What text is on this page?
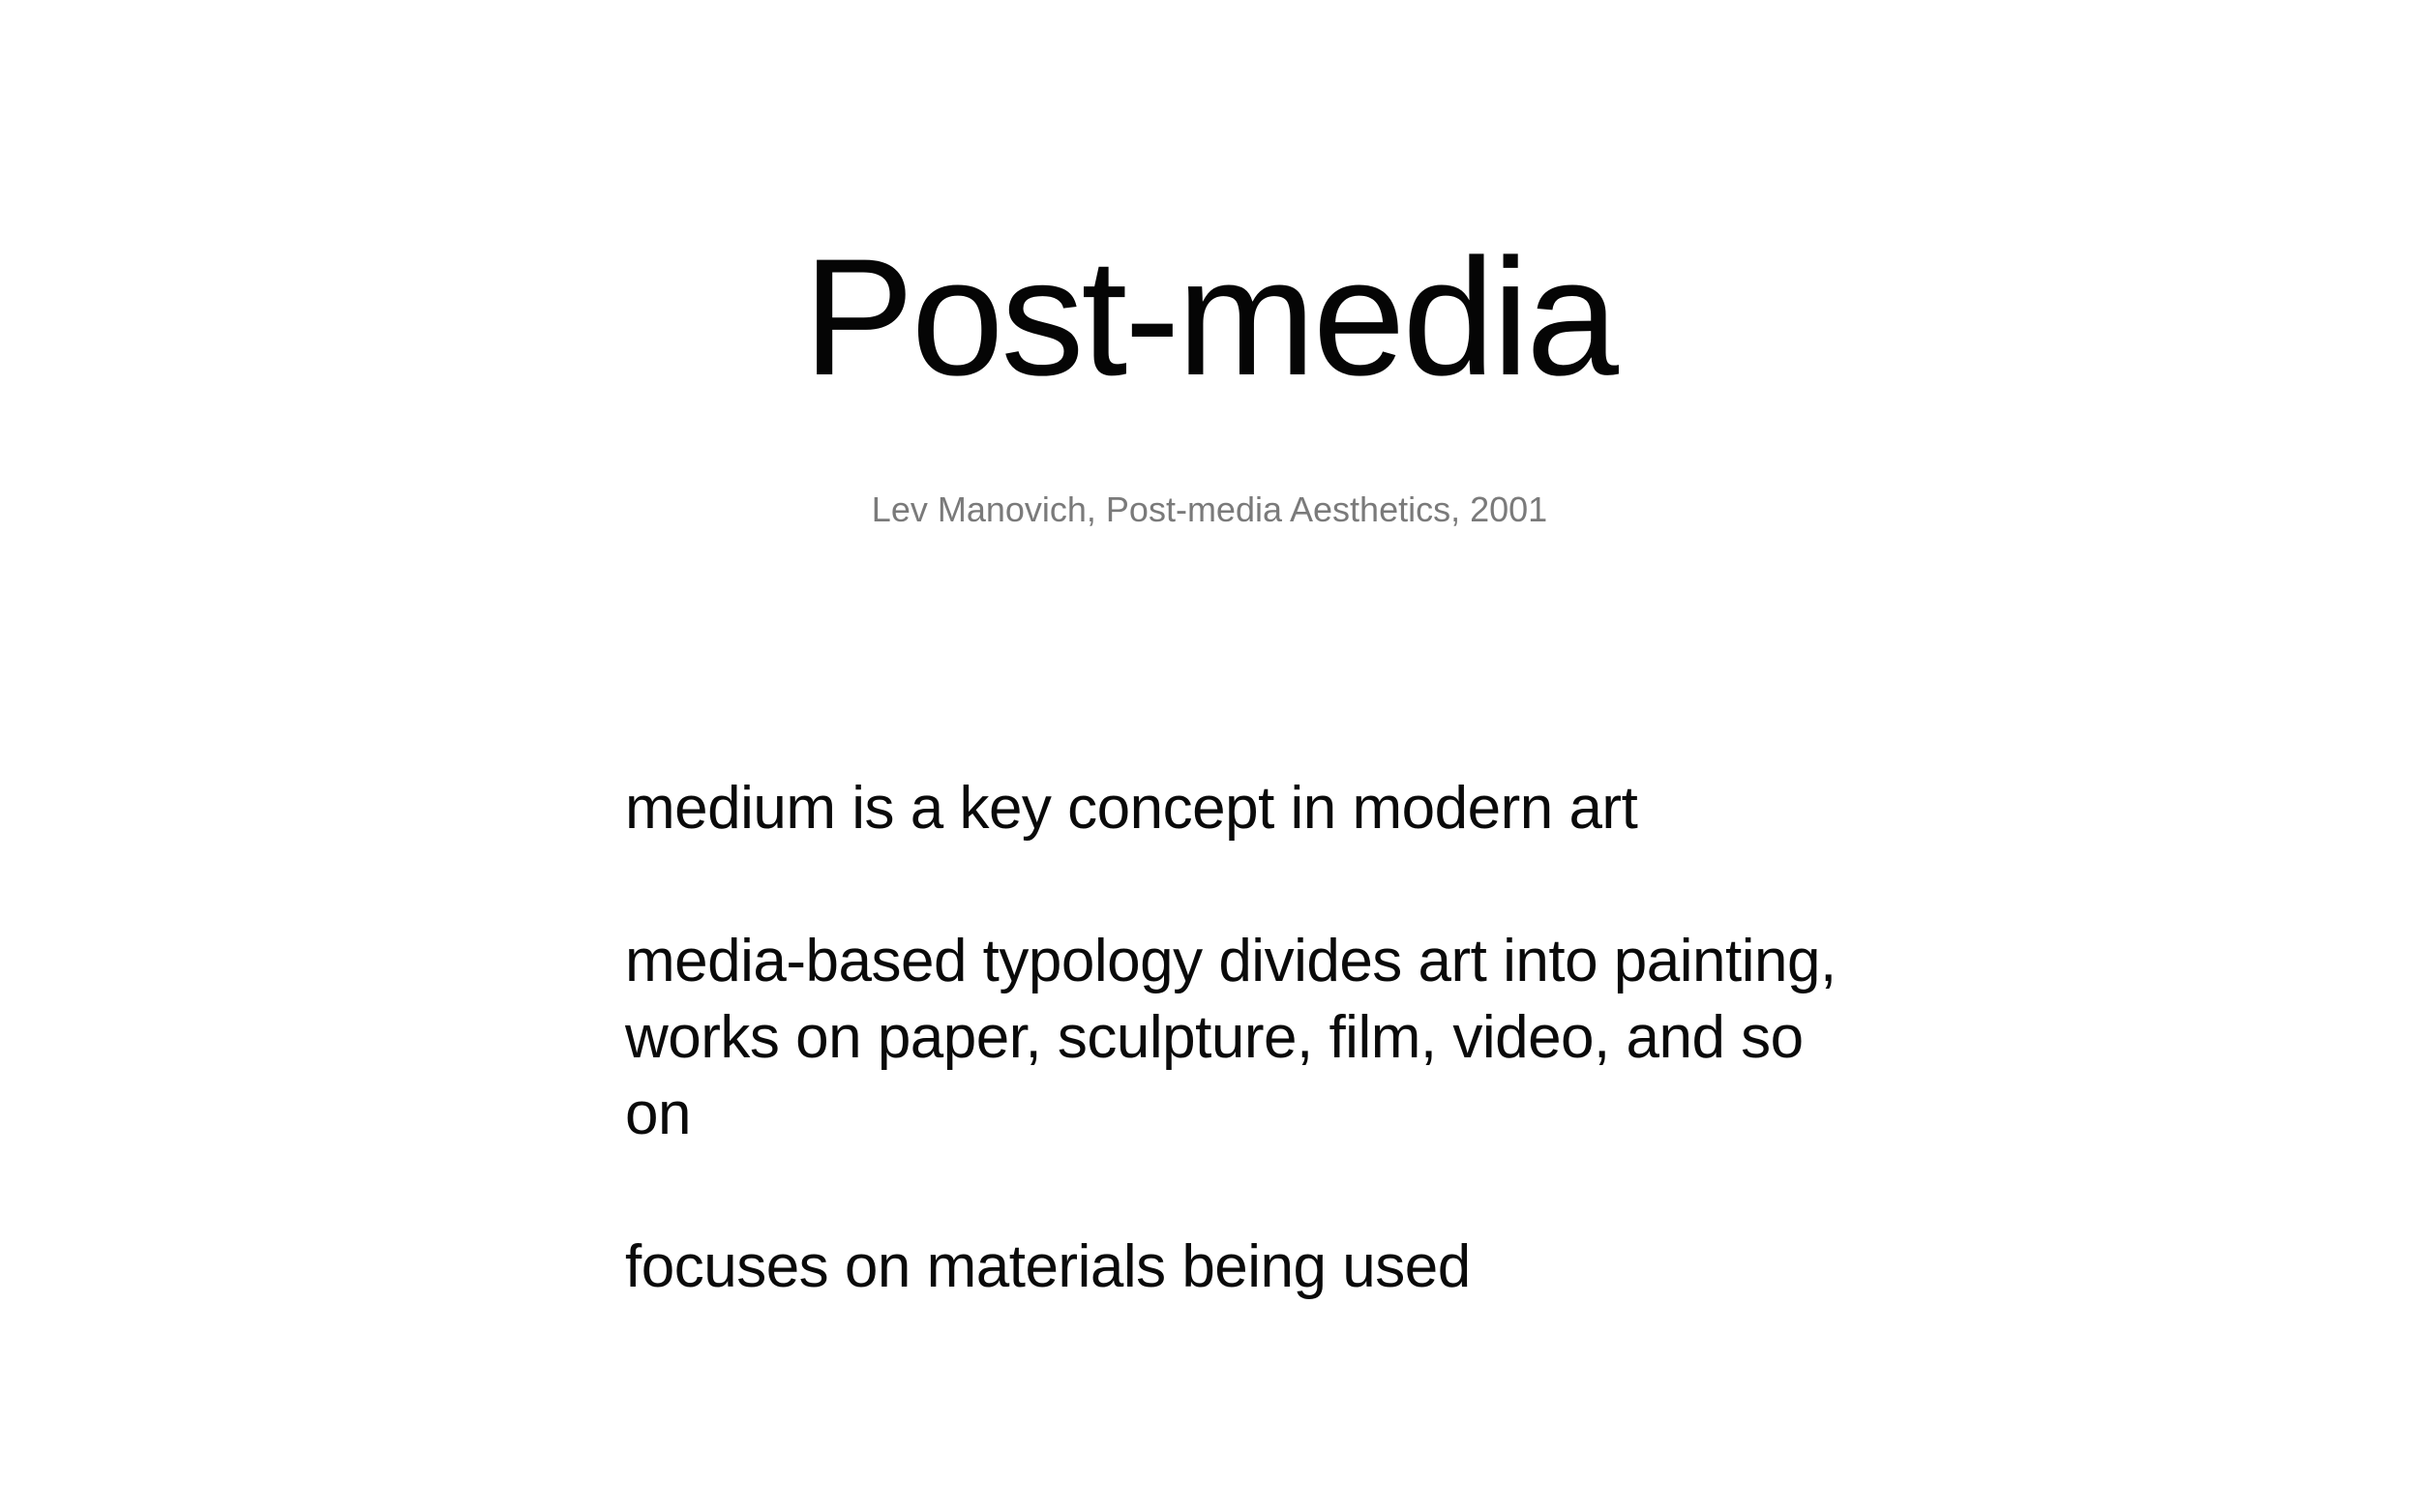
Post-media

Lev Manovich, Post-media Aesthetics, 2001

medium is a key concept in modern art

media-based typology divides art into painting, works on paper, sculpture, film, video, and so on

focuses on materials being used
